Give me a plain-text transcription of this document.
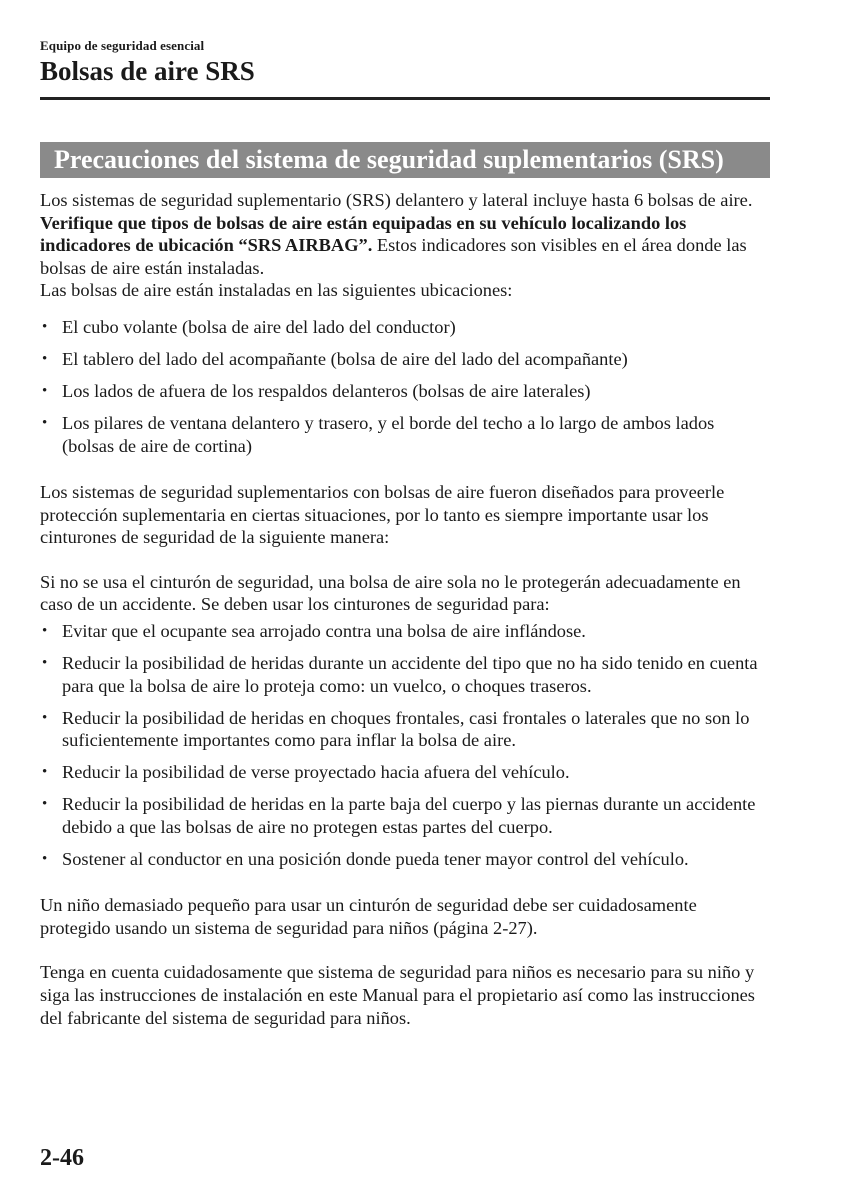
Equipo de seguridad esencial
Bolsas de aire SRS
Precauciones del sistema de seguridad suplementarios (SRS)

Los sistemas de seguridad suplementario (SRS) delantero y lateral incluye hasta 6 bolsas de aire. Verifique que tipos de bolsas de aire están equipadas en su vehículo localizando los indicadores de ubicación “SRS AIRBAG”. Estos indicadores son visibles en el área donde las bolsas de aire están instaladas.

Las bolsas de aire están instaladas en las siguientes ubicaciones:

• El cubo volante (bolsa de aire del lado del conductor)
• El tablero del lado del acompañante (bolsa de aire del lado del acompañante)
• Los lados de afuera de los respaldos delanteros (bolsas de aire laterales)
• Los pilares de ventana delantero y trasero, y el borde del techo a lo largo de ambos lados (bolsas de aire de cortina)

Los sistemas de seguridad suplementarios con bolsas de aire fueron diseñados para proveerle protección suplementaria en ciertas situaciones, por lo tanto es siempre importante usar los cinturones de seguridad de la siguiente manera:

Si no se usa el cinturón de seguridad, una bolsa de aire sola no le protegerán adecuadamente en caso de un accidente. Se deben usar los cinturones de seguridad para:

• Evitar que el ocupante sea arrojado contra una bolsa de aire inflándose.
• Reducir la posibilidad de heridas durante un accidente del tipo que no ha sido tenido en cuenta para que la bolsa de aire lo proteja como: un vuelco, o choques traseros.
• Reducir la posibilidad de heridas en choques frontales, casi frontales o laterales que no son lo suficientemente importantes como para inflar la bolsa de aire.
• Reducir la posibilidad de verse proyectado hacia afuera del vehículo.
• Reducir la posibilidad de heridas en la parte baja del cuerpo y las piernas durante un accidente debido a que las bolsas de aire no protegen estas partes del cuerpo.
• Sostener al conductor en una posición donde pueda tener mayor control del vehículo.

Un niño demasiado pequeño para usar un cinturón de seguridad debe ser cuidadosamente protegido usando un sistema de seguridad para niños (página 2-27).

Tenga en cuenta cuidadosamente que sistema de seguridad para niños es necesario para su niño y siga las instrucciones de instalación en este Manual para el propietario así como las instrucciones del fabricante del sistema de seguridad para niños.

2-46
